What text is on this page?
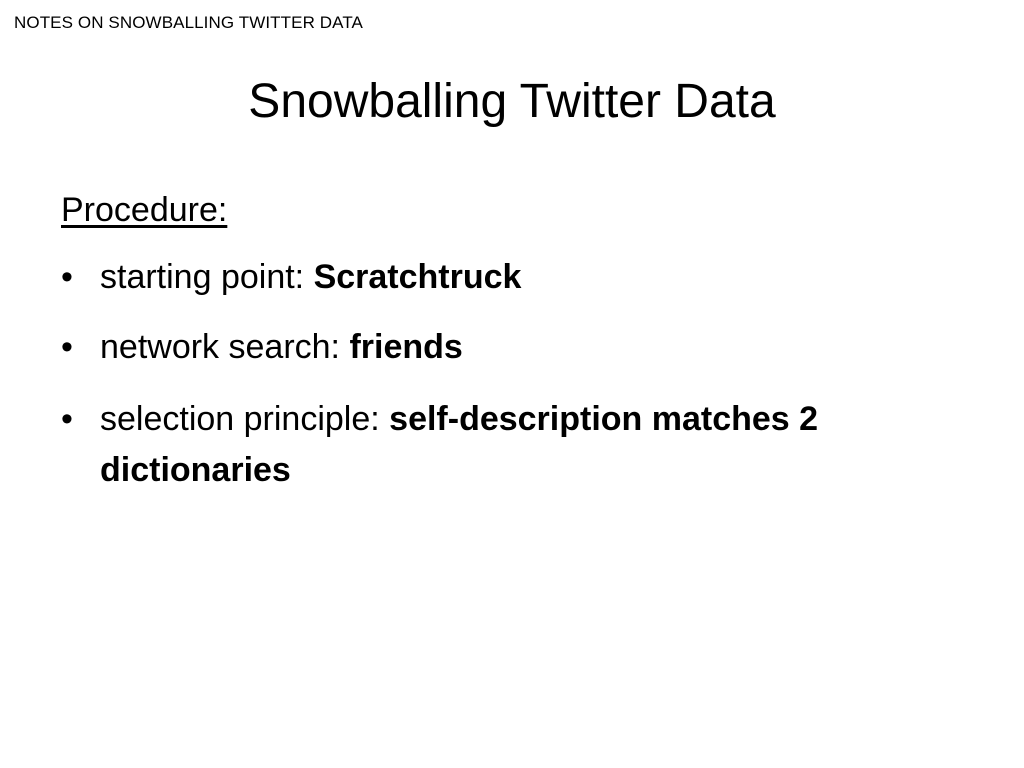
NOTES ON SNOWBALLING TWITTER DATA
Snowballing Twitter Data
Procedure:
• starting point: Scratchtruck
• network search: friends
• selection principle: self-description matches 2 dictionaries
